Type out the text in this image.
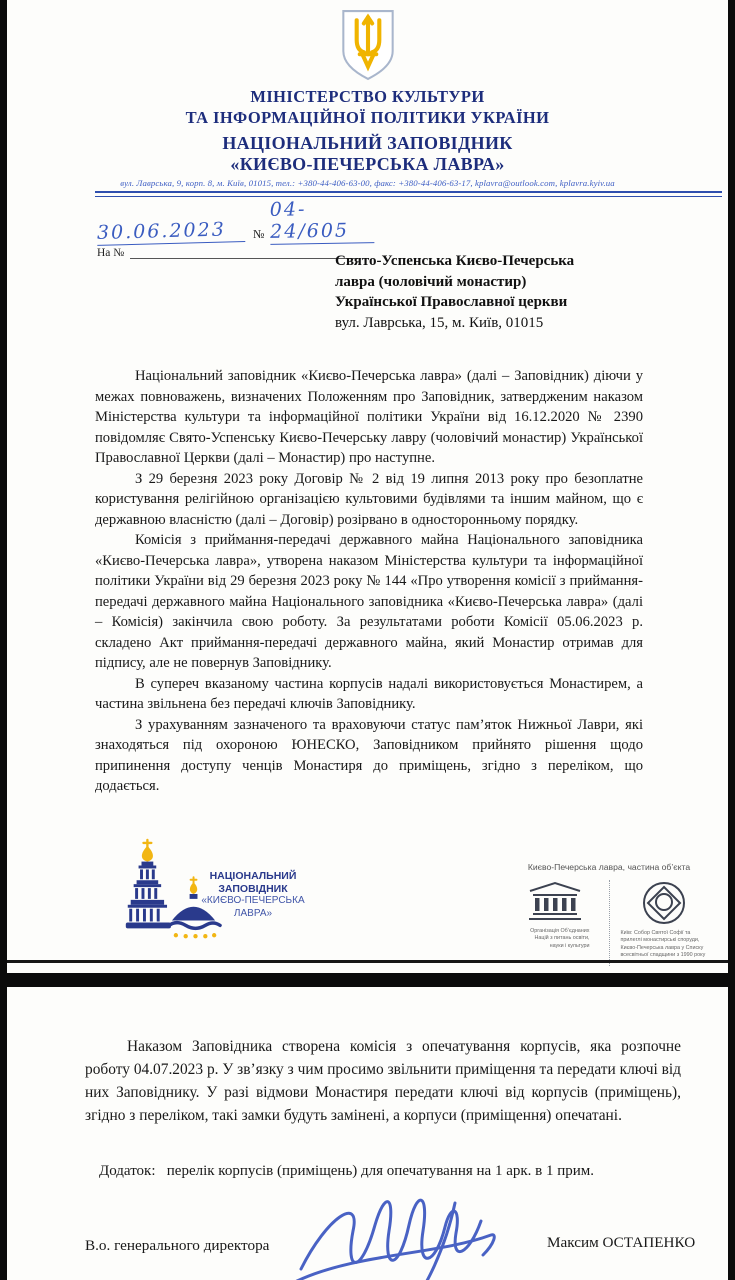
МІНІСТЕРСТВО КУЛЬТУРИ
ТА ІНФОРМАЦІЙНОЇ ПОЛІТИКИ УКРАЇНИ
НАЦІОНАЛЬНИЙ ЗАПОВІДНИК
«КИЄВО-ПЕЧЕРСЬКА ЛАВРА»
вул. Лаврська, 9, корп. 8, м. Київ, 01015, тел.: +380-44-406-63-00, факс: +380-44-406-63-17, kplavra@outlook.com, kplavra.kyiv.ua
30.06.2023	№
04-24/605
На №	Свято-Успенська Києво-Печерська
лавра (чоловічий монастир)
Української Православної церкви
вул. Лаврська, 15, м. Київ, 01015

Національний заповідник «Києво-Печерська лавра» (далі – Заповідник) діючи у межах повноважень, визначених Положенням про Заповідник, затвердженим наказом Міністерства культури та інформаційної політики України від 16.12.2020 № 2390 повідомляє Свято-Успенську Києво-Печерську лавру (чоловічий монастир) Української Православної Церкви (далі – Монастир) про наступне.

З 29 березня 2023 року Договір № 2 від 19 липня 2013 року про безоплатне користування релігійною організацією культовими будівлями та іншим майном, що є державною власністю (далі – Договір) розірвано в односторонньому порядку.

Комісія з приймання-передачі державного майна Національного заповідника «Києво-Печерська лавра», утворена наказом Міністерства культури та інформаційної політики України від 29 березня 2023 року № 144 «Про утворення комісії з приймання-передачі державного майна Національного заповідника «Києво-Печерська лавра» (далі – Комісія) закінчила свою роботу. За результатами роботи Комісії 05.06.2023 р. складено Акт приймання-передачі державного майна, який Монастир отримав для підпису, але не повернув Заповіднику.

В супереч вказаному частина корпусів надалі використовується Монастирем, а частина звільнена без передачі ключів Заповіднику.

З урахуванням зазначеного та враховуючи статус пам’яток Нижньої Лаври, які знаходяться під охороною ЮНЕСКО, Заповідником прийнято рішення щодо припинення доступу ченців Монастиря до приміщень, згідно з переліком, що додається.

НАЦІОНАЛЬНИЙ
ЗАПОВІДНИК
«КИЄВО-ПЕЧЕРСЬКА
ЛАВРА»
Києво-Печерська лавра, частина об’єкта
Організація Об’єднаних Націй з питань освіти, науки і культури
Київ: Собор Святої Софії та прилеглі монастирські споруди, Києво-Печерська лавра у Списку всесвітньої спадщини з 1990 року

Наказом Заповідника створена комісія з опечатування корпусів, яка розпочне роботу 04.07.2023 р. У зв’язку з чим просимо звільнити приміщення та передати ключі від них Заповіднику. У разі відмови Монастиря передати ключі від корпусів (приміщень), згідно з переліком, такі замки будуть замінені, а корпуси (приміщення) опечатані.

Додаток:   перелік корпусів (приміщень) для опечатування на 1 арк. в 1 прим.
В.о. генерального директора	Максим ОСТАПЕНКО
